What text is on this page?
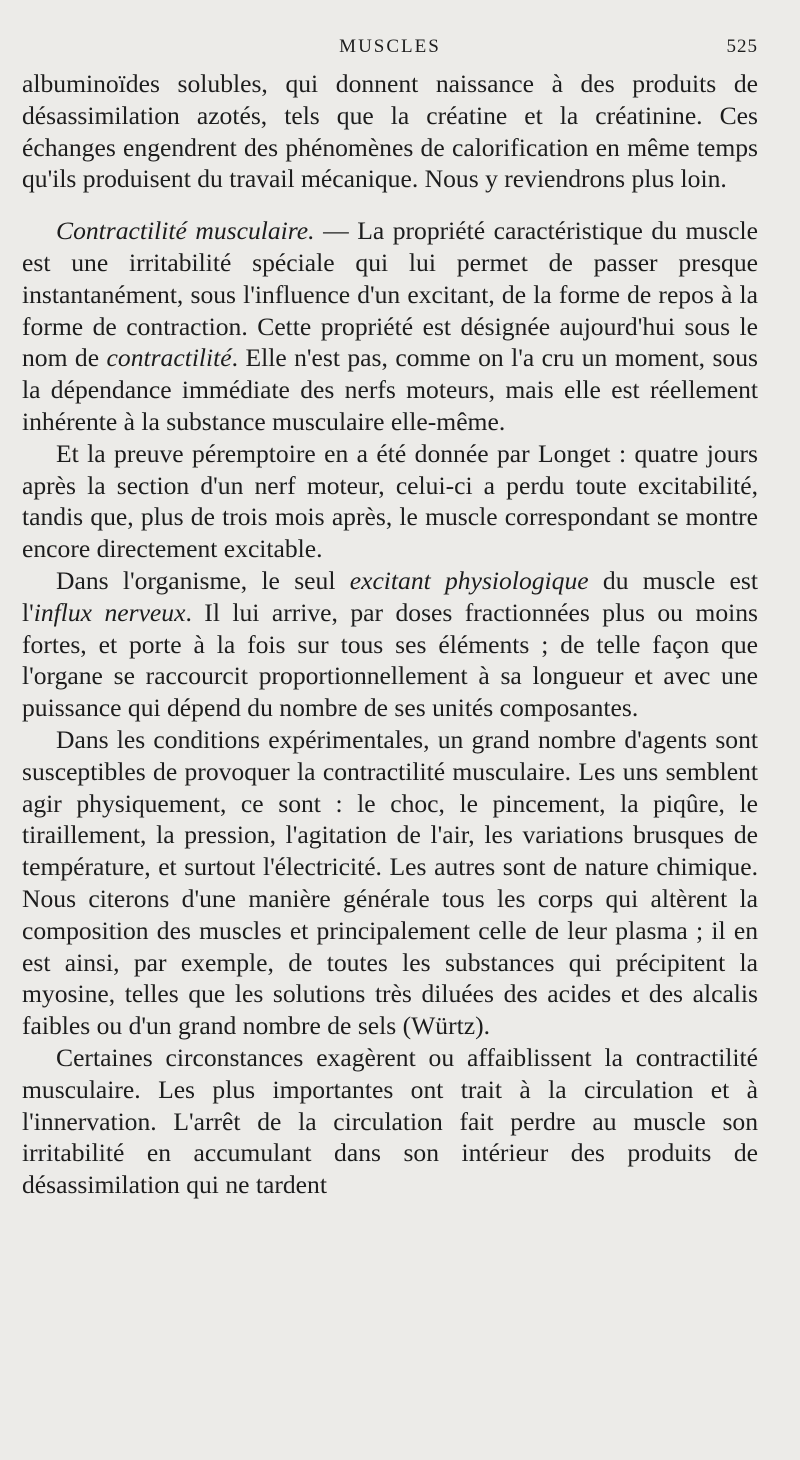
MUSCLES	525

albuminoïdes solubles, qui donnent naissance à des produits de désassimilation azotés, tels que la créatine et la créatinine. Ces échanges engendrent des phénomènes de calorification en même temps qu'ils produisent du travail mécanique. Nous y reviendrons plus loin.

Contractilité musculaire. — La propriété caractéristique du muscle est une irritabilité spéciale qui lui permet de passer presque instantanément, sous l'influence d'un excitant, de la forme de repos à la forme de contraction. Cette propriété est désignée aujourd'hui sous le nom de contractilité. Elle n'est pas, comme on l'a cru un moment, sous la dépendance immédiate des nerfs moteurs, mais elle est réellement inhérente à la substance musculaire elle-même.

Et la preuve péremptoire en a été donnée par Longet : quatre jours après la section d'un nerf moteur, celui-ci a perdu toute excitabilité, tandis que, plus de trois mois après, le muscle correspondant se montre encore directement excitable.

Dans l'organisme, le seul excitant physiologique du muscle est l'influx nerveux. Il lui arrive, par doses fractionnées plus ou moins fortes, et porte à la fois sur tous ses éléments ; de telle façon que l'organe se raccourcit proportionnellement à sa longueur et avec une puissance qui dépend du nombre de ses unités composantes.

Dans les conditions expérimentales, un grand nombre d'agents sont susceptibles de provoquer la contractilité musculaire. Les uns semblent agir physiquement, ce sont : le choc, le pincement, la piqûre, le tiraillement, la pression, l'agitation de l'air, les variations brusques de température, et surtout l'électricité. Les autres sont de nature chimique. Nous citerons d'une manière générale tous les corps qui altèrent la composition des muscles et principalement celle de leur plasma ; il en est ainsi, par exemple, de toutes les substances qui précipitent la myosine, telles que les solutions très diluées des acides et des alcalis faibles ou d'un grand nombre de sels (Würtz).

Certaines circonstances exagèrent ou affaiblissent la contractilité musculaire. Les plus importantes ont trait à la circulation et à l'innervation. L'arrêt de la circulation fait perdre au muscle son irritabilité en accumulant dans son intérieur des produits de désassimilation qui ne tardent
